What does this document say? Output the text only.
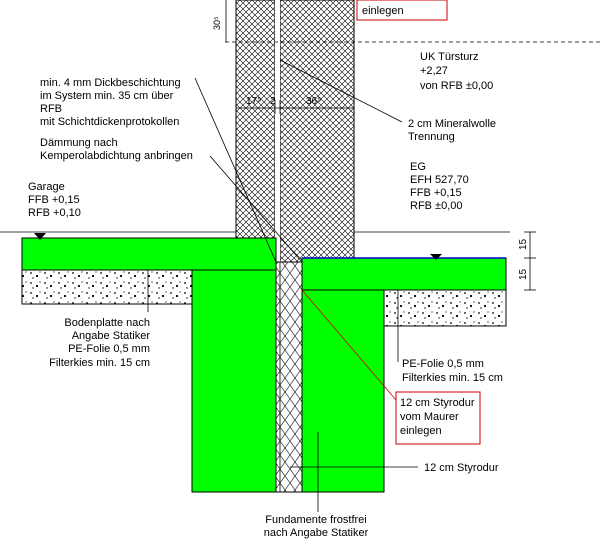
einlegen
30⁵
UK Türsturz
+2,27
von RFB ±0,00
min. 4 mm Dickbeschichtung
im System min. 35 cm über
RFB
mit Schichtdickenprotokollen
Dämmung nach
Kemperolabdichtung anbringen
17⁵ 2	36⁵
2 cm Mineralwolle
Trennung
EG
EFH 527,70
FFB +0,15
RFB ±0,00
Garage
FFB +0,15
RFB +0,10
15
15
Bodenplatte nach
Angabe Statiker
PE-Folie 0,5 mm
Filterkies min. 15 cm	PE-Folie 0,5 mm
Filterkies min. 15 cm
12 cm Styrodur
vom Maurer
einlegen
12 cm Styrodur
Fundamente frostfrei
nach Angabe Statiker
